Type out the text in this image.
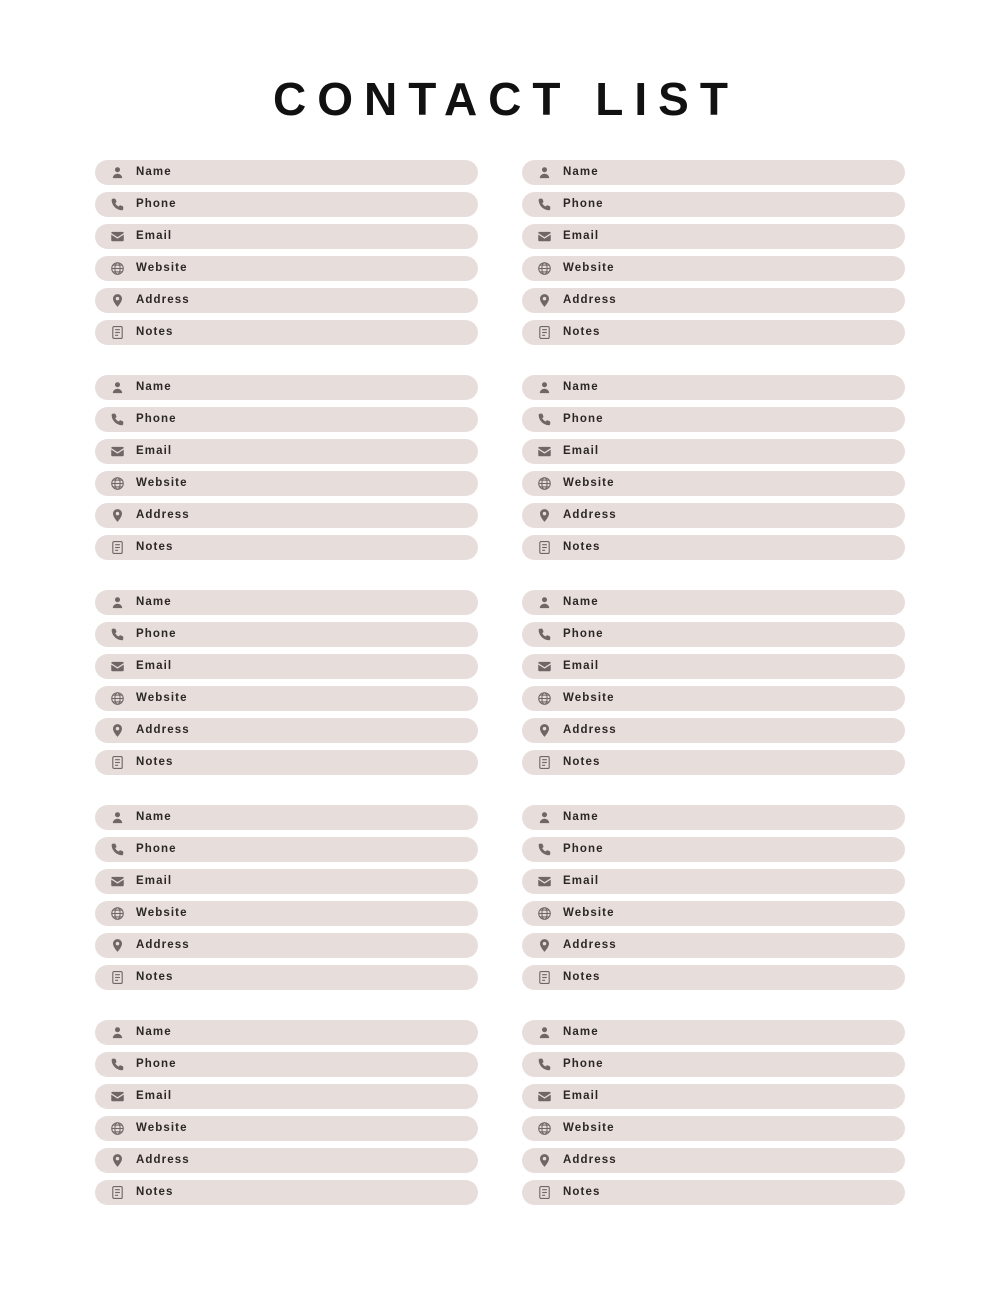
CONTACT LIST
Name
Phone
Email
Website
Address
Notes
Name
Phone
Email
Website
Address
Notes
Name
Phone
Email
Website
Address
Notes
Name
Phone
Email
Website
Address
Notes
Name
Phone
Email
Website
Address
Notes
Name
Phone
Email
Website
Address
Notes
Name
Phone
Email
Website
Address
Notes
Name
Phone
Email
Website
Address
Notes
Name
Phone
Email
Website
Address
Notes
Name
Phone
Email
Website
Address
Notes
